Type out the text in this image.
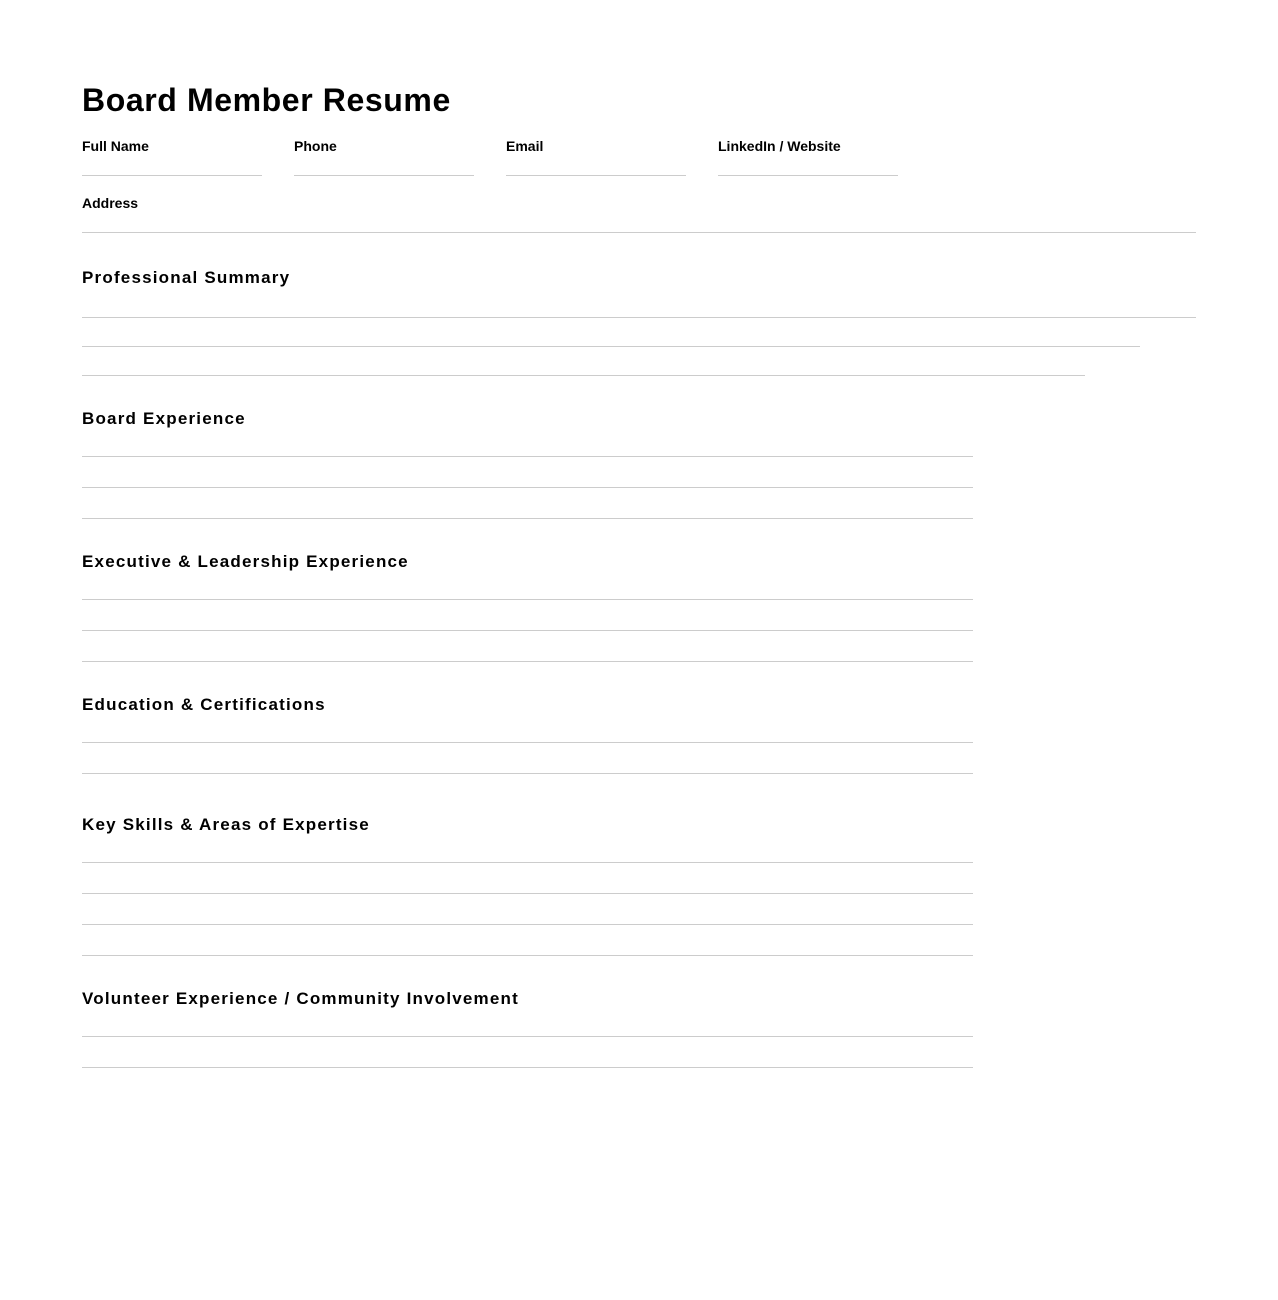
Board Member Resume
Full Name	Phone	Email	LinkedIn / Website
Address
Professional Summary
Board Experience
Executive & Leadership Experience
Education & Certifications
Key Skills & Areas of Expertise
Volunteer Experience / Community Involvement
